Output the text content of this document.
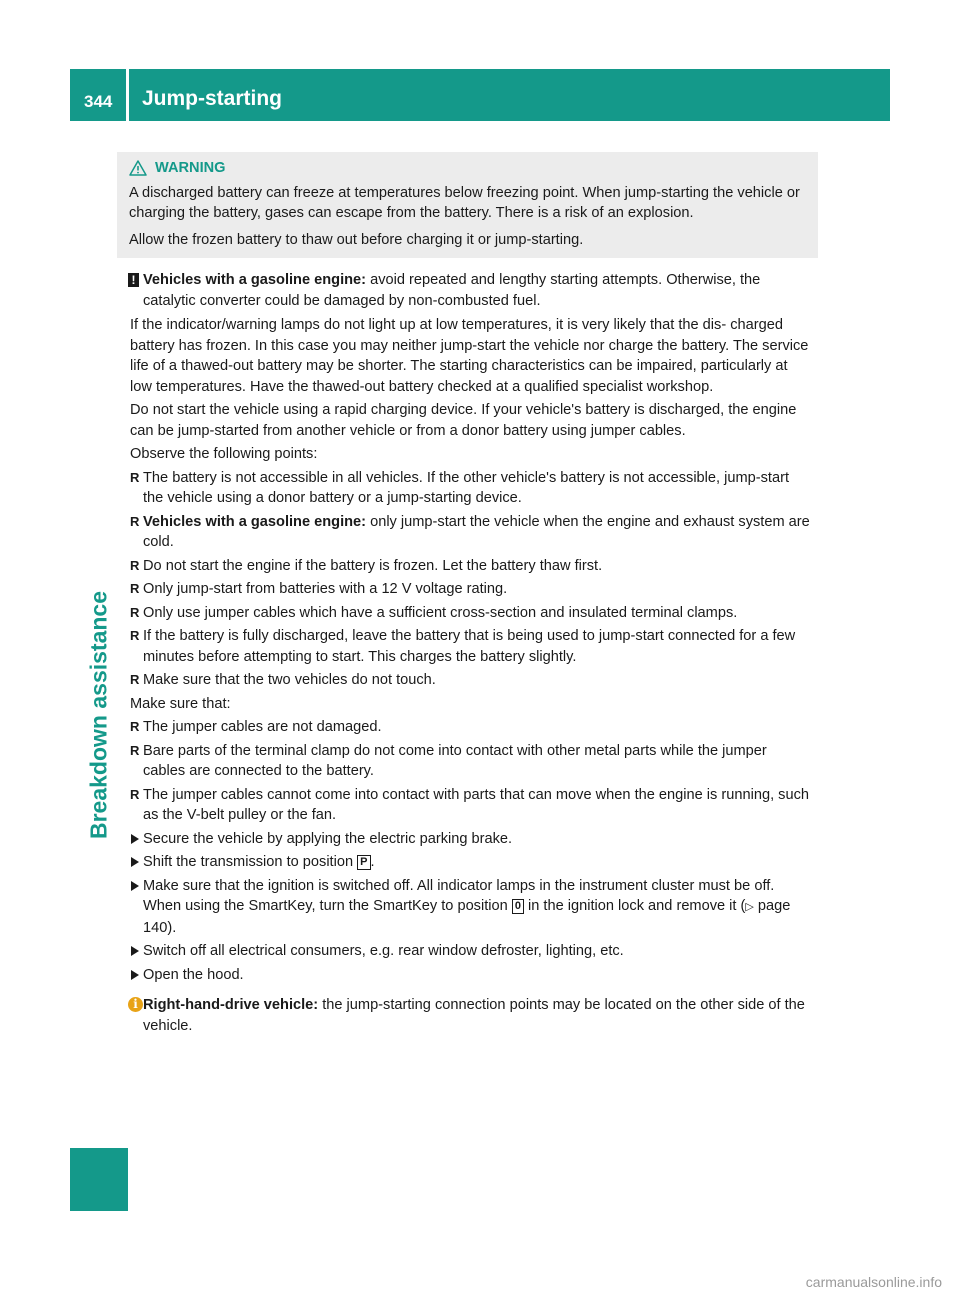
344 Jump-starting
Breakdown assistance
WARNING

A discharged battery can freeze at temperatures below freezing point. When jump-starting the vehicle or charging the battery, gases can escape from the battery. There is a risk of an explosion.

Allow the frozen battery to thaw out before charging it or jump-starting.

! Vehicles with a gasoline engine: avoid repeated and lengthy starting attempts. Otherwise, the catalytic converter could be damaged by non-combusted fuel.

If the indicator/warning lamps do not light up at low temperatures, it is very likely that the dis- charged battery has frozen. In this case you may neither jump-start the vehicle nor charge the battery. The service life of a thawed-out battery may be shorter. The starting characteristics can be impaired, particularly at low temperatures. Have the thawed-out battery checked at a qualified specialist workshop.

Do not start the vehicle using a rapid charging device. If your vehicle's battery is discharged, the engine can be jump-started from another vehicle or from a donor battery using jumper cables.

Observe the following points:

R The battery is not accessible in all vehicles. If the other vehicle's battery is not accessible, jump-start the vehicle using a donor battery or a jump-starting device.
R Vehicles with a gasoline engine: only jump-start the vehicle when the engine and exhaust system are cold.
R Do not start the engine if the battery is frozen. Let the battery thaw first.
R Only jump-start from batteries with a 12 V voltage rating.
R Only use jumper cables which have a sufficient cross-section and insulated terminal clamps.
R If the battery is fully discharged, leave the battery that is being used to jump-start connected for a few minutes before attempting to start. This charges the battery slightly.
R Make sure that the two vehicles do not touch.

Make sure that:

R The jumper cables are not damaged.
R Bare parts of the terminal clamp do not come into contact with other metal parts while the jumper cables are connected to the battery.
R The jumper cables cannot come into contact with parts that can move when the engine is running, such as the V-belt pulley or the fan.
Secure the vehicle by applying the electric parking brake.
Shift the transmission to position P .
Make sure that the ignition is switched off. All indicator lamps in the instrument cluster must be off. When using the SmartKey, turn the SmartKey to position 0 in the ignition lock and remove it (▷ page 140).
Switch off all electrical consumers, e.g. rear window defroster, lighting, etc.
Open the hood.
i Right-hand-drive vehicle: the jump-starting connection points may be located on the other side of the vehicle.
carmanualsonline.info
